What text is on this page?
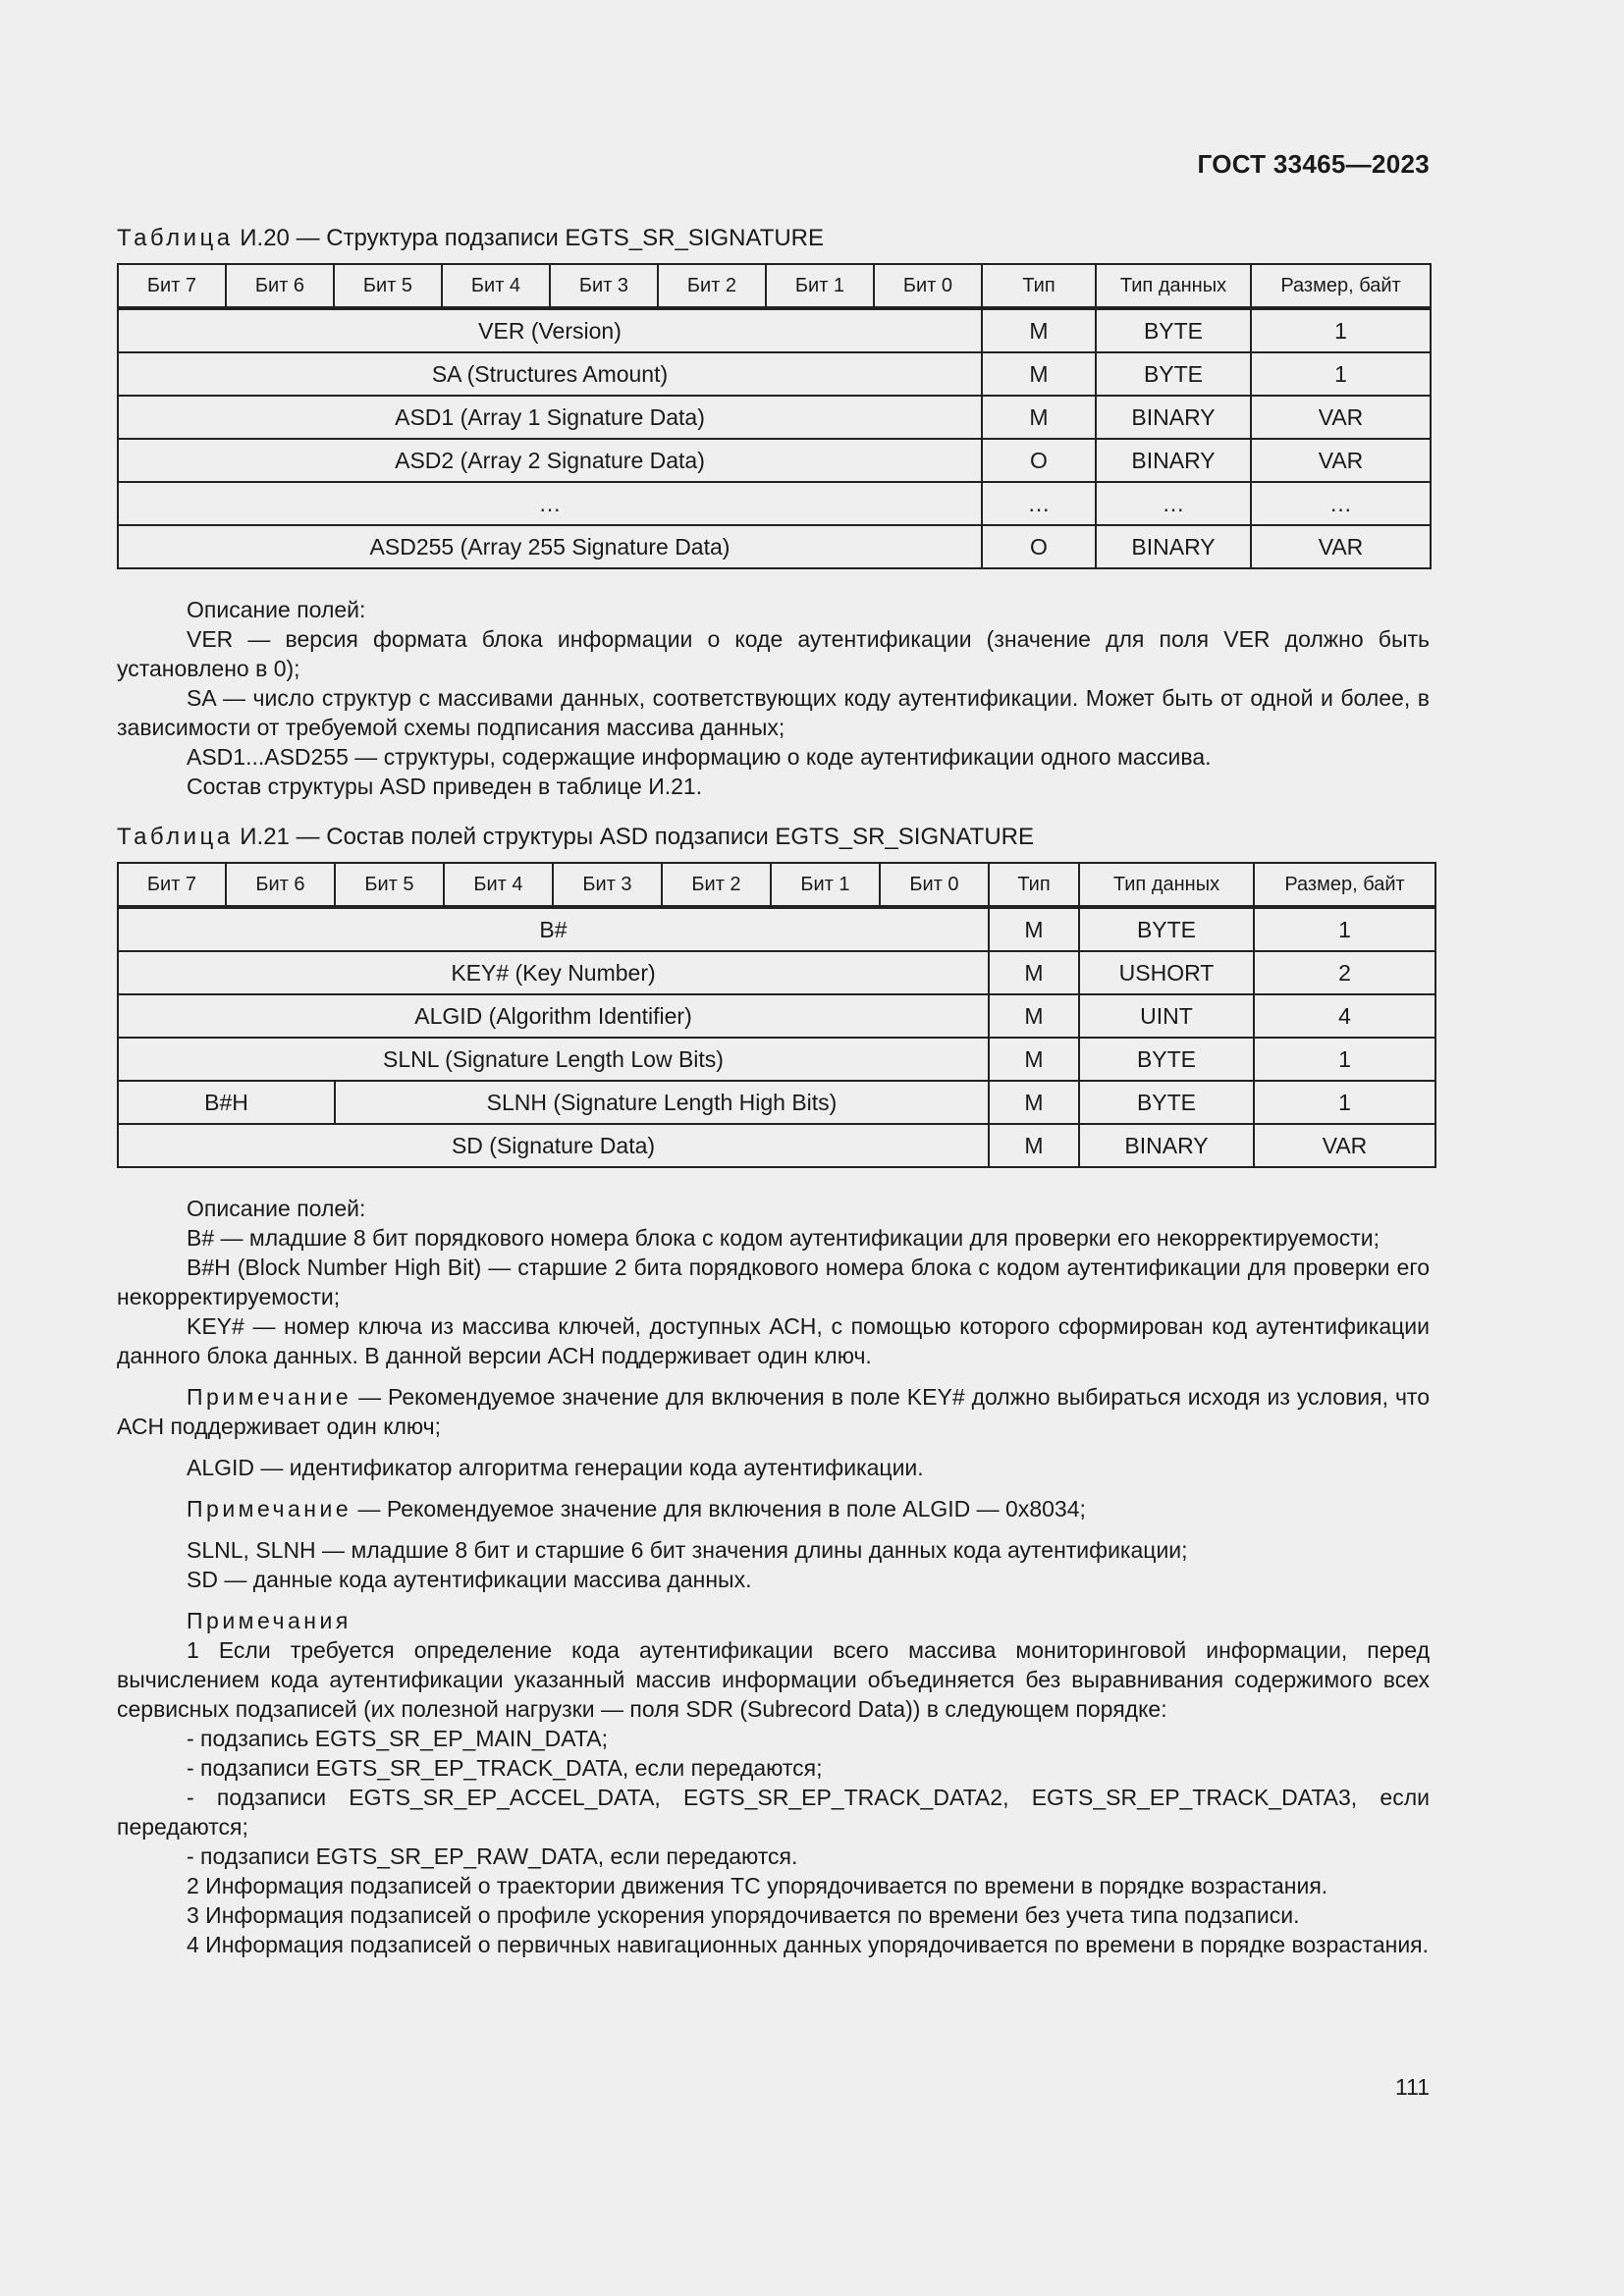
ГОСТ 33465—2023
Таблица И.20 — Структура подзаписи EGTS_SR_SIGNATURE
Бит 7	Бит 6	Бит 5	Бит 4	Бит 3	Бит 2	Бит 1	Бит 0	Тип	Тип данных	Размер, байт
VER (Version)								M	BYTE	1
SA (Structures Amount)								M	BYTE	1
ASD1 (Array 1 Signature Data)								M	BINARY	VAR
ASD2 (Array 2 Signature Data)								O	BINARY	VAR
…								…	…	…
ASD255 (Array 255 Signature Data)								O	BINARY	VAR

Описание полей:

VER — версия формата блока информации о коде аутентификации (значение для поля VER должно быть установлено в 0);

SA — число структур с массивами данных, соответствующих коду аутентификации. Может быть от одной и более, в зависимости от требуемой схемы подписания массива данных;

ASD1...ASD255 — структуры, содержащие информацию о коде аутентификации одного массива.

Состав структуры ASD приведен в таблице И.21.

Таблица И.21 — Состав полей структуры ASD подзаписи EGTS_SR_SIGNATURE
Бит 7	Бит 6	Бит 5	Бит 4	Бит 3	Бит 2	Бит 1	Бит 0	Тип	Тип данных	Размер, байт
B#								M	BYTE	1
KEY# (Key Number)								M	USHORT	2
ALGID (Algorithm Identifier)								M	UINT	4
SLNL (Signature Length Low Bits)								M	BYTE	1
B#H		SLNH (Signature Length High Bits)						M	BYTE	1
SD (Signature Data)								M	BINARY	VAR

Описание полей:

B# — младшие 8 бит порядкового номера блока с кодом аутентификации для проверки его некорректируемости;

B#H (Block Number High Bit) — старшие 2 бита порядкового номера блока с кодом аутентификации для проверки его некорректируемости;

KEY# — номер ключа из массива ключей, доступных АСН, с помощью которого сформирован код аутентификации данного блока данных. В данной версии АСН поддерживает один ключ.

Примечание — Рекомендуемое значение для включения в поле KEY# должно выбираться исходя из условия, что АСН поддерживает один ключ;

ALGID — идентификатор алгоритма генерации кода аутентификации.

Примечание — Рекомендуемое значение для включения в поле ALGID — 0x8034;

SLNL, SLNH — младшие 8 бит и старшие 6 бит значения длины данных кода аутентификации;

SD — данные кода аутентификации массива данных.

Примечания

1 Если требуется определение кода аутентификации всего массива мониторинговой информации, перед вычислением кода аутентификации указанный массив информации объединяется без выравнивания содержимого всех сервисных подзаписей (их полезной нагрузки — поля SDR (Subrecord Data)) в следующем порядке:

- подзапись EGTS_SR_EP_MAIN_DATA;

- подзаписи EGTS_SR_EP_TRACK_DATA, если передаются;

- подзаписи EGTS_SR_EP_ACCEL_DATA, EGTS_SR_EP_TRACK_DATA2, EGTS_SR_EP_TRACK_DATA3, если передаются;

- подзаписи EGTS_SR_EP_RAW_DATA, если передаются.

2 Информация подзаписей о траектории движения ТС упорядочивается по времени в порядке возрастания.

3 Информация подзаписей о профиле ускорения упорядочивается по времени без учета типа подзаписи.

4 Информация подзаписей о первичных навигационных данных упорядочивается по времени в порядке возрастания.

111
